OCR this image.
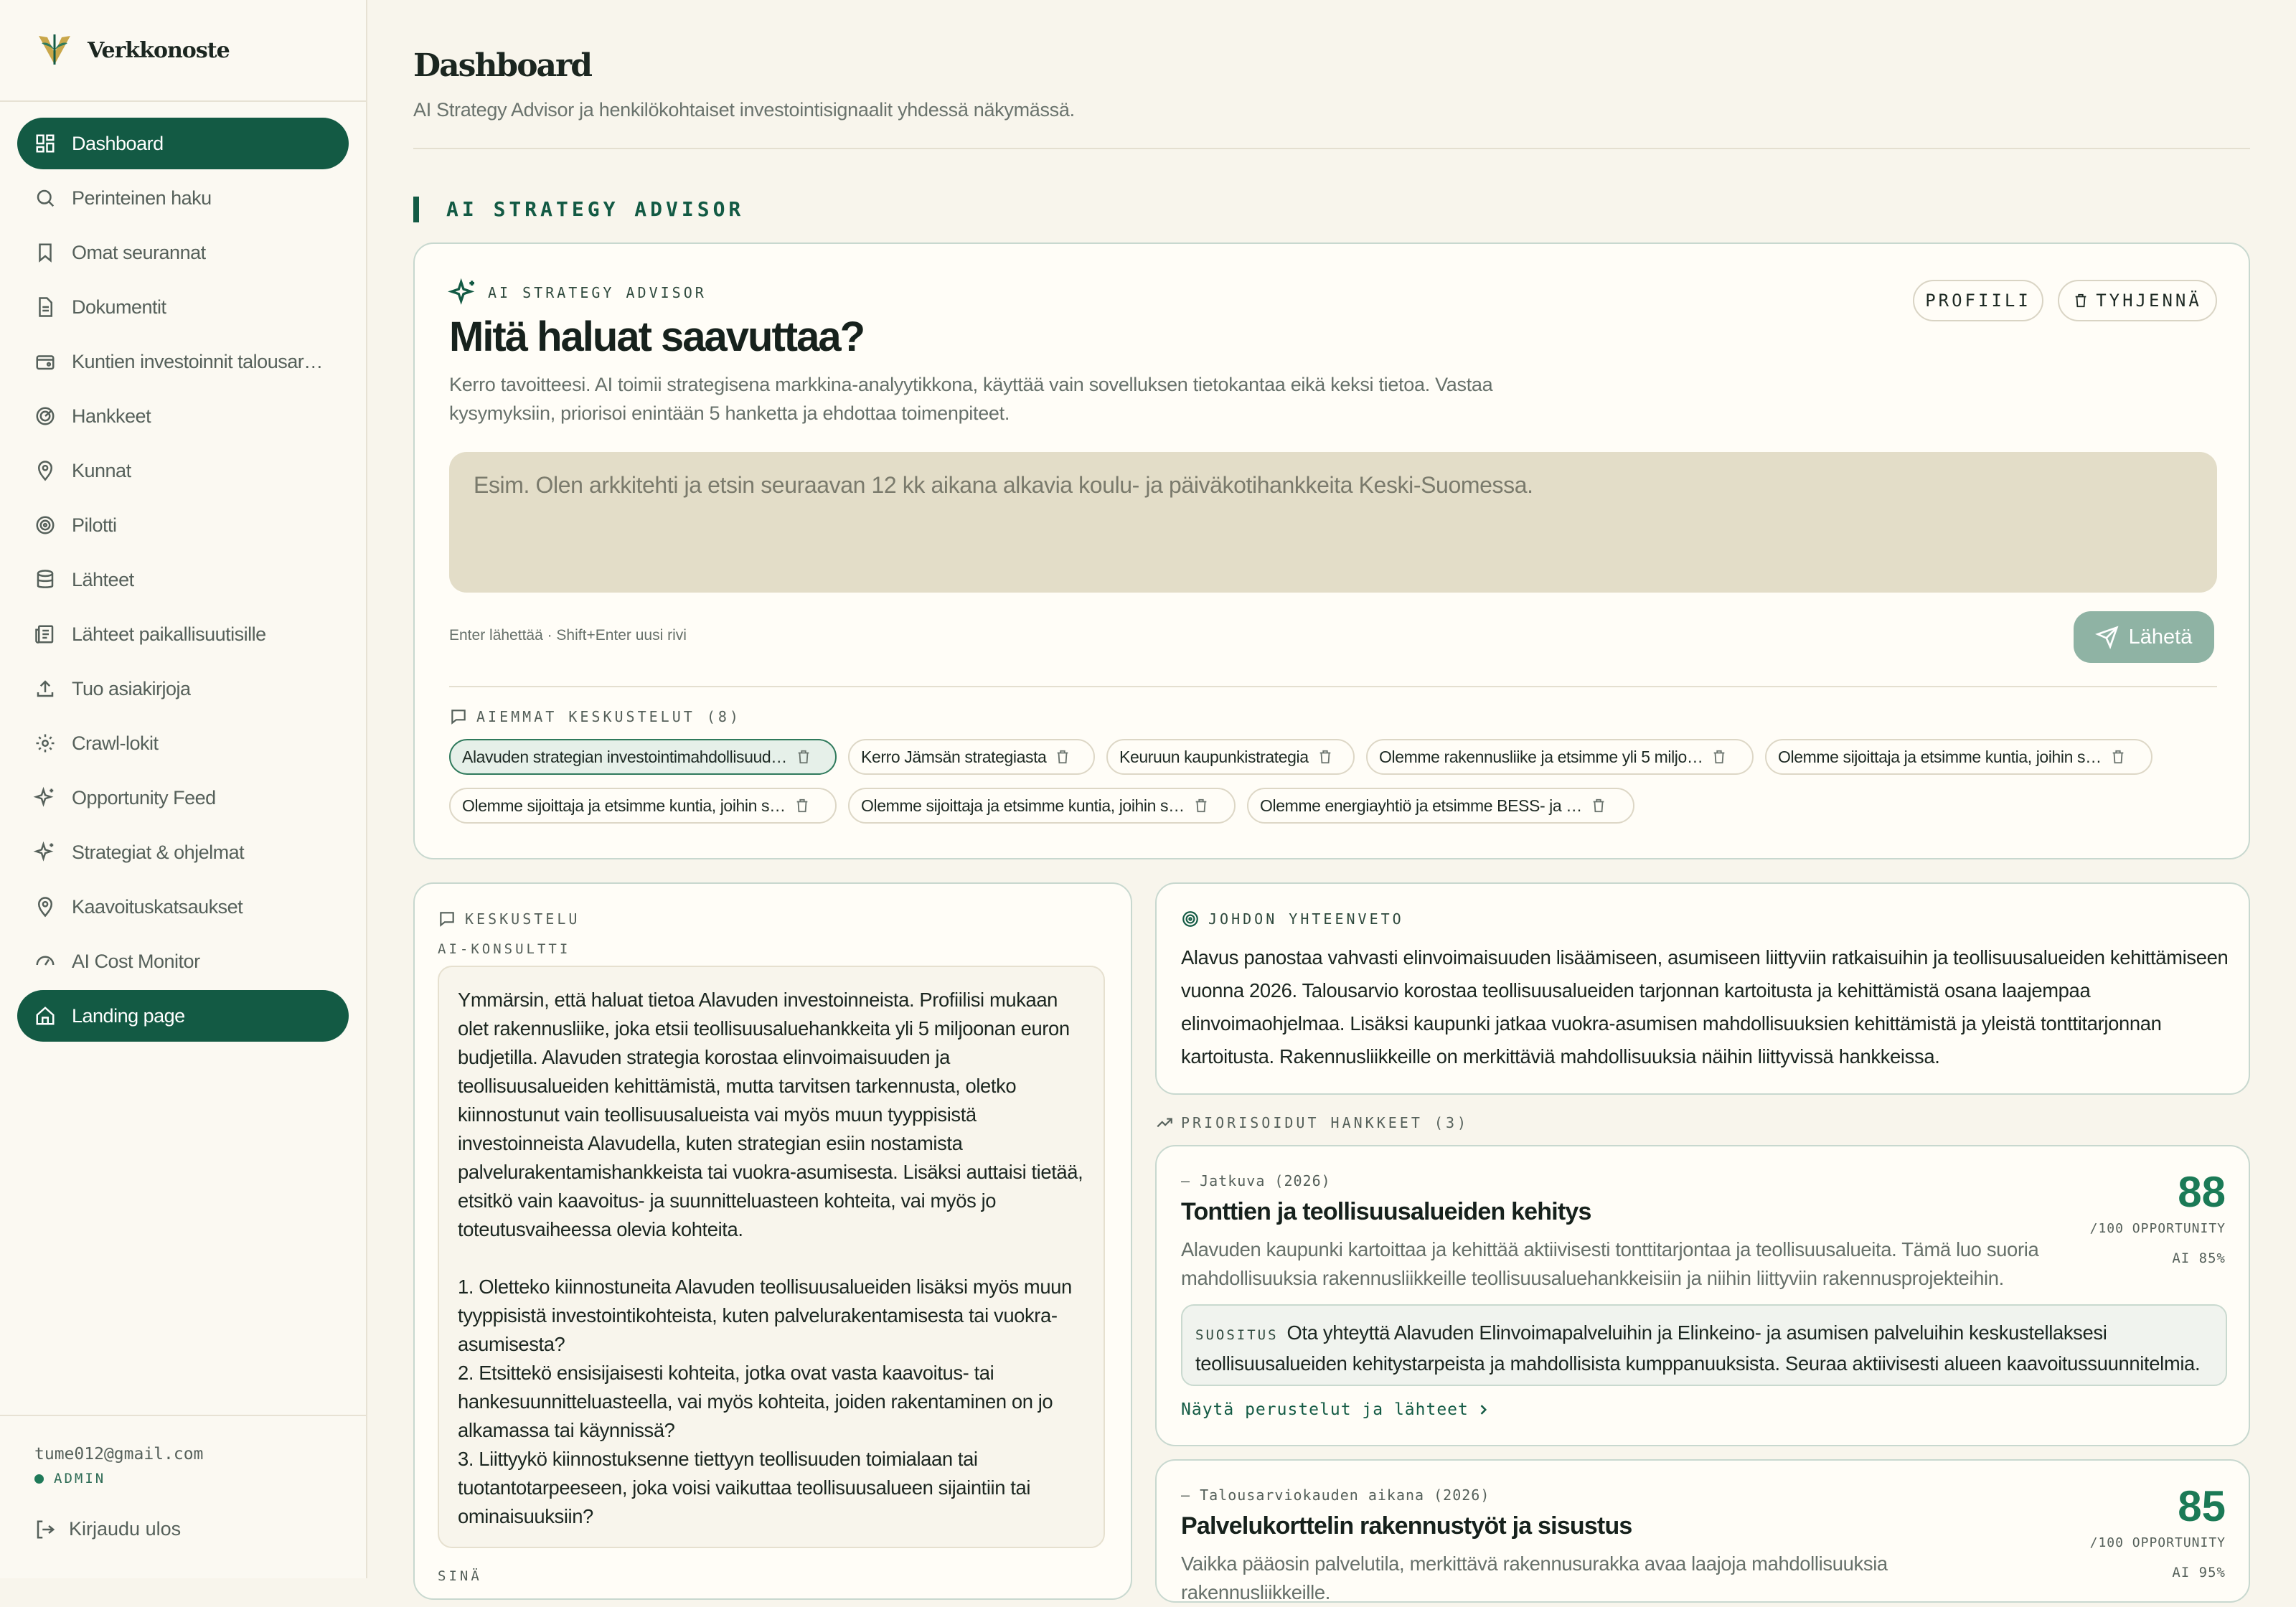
Verkkonoste
Dashboard
Perinteinen haku
Omat seurannat
Dokumentit
Kuntien investoinnit talousar…
Hankkeet
Kunnat
Pilotti
Lähteet
Lähteet paikallisuutisille
Tuo asiakirjoja
Crawl-lokit
Opportunity Feed
Strategiat & ohjelmat
Kaavoituskatsaukset
AI Cost Monitor
Landing page
tume012@gmail.com
ADMIN
Kirjaudu ulos
Dashboard
AI Strategy Advisor ja henkilökohtaiset investointisignaalit yhdessä näkymässä.
AI STRATEGY ADVISOR
AI STRATEGY ADVISOR
Mitä haluat saavuttaa?

Kerro tavoitteesi. AI toimii strategisena markkina-analyytikkona, käyttää vain sovelluksen tietokantaa eikä keksi tietoa. Vastaa kysymyksiin, priorisoi enintään 5 hanketta ja ehdottaa toimenpiteet.

PROFIILI	TYHJENNÄ
Esim. Olen arkkitehti ja etsin seuraavan 12 kk aikana alkavia koulu- ja päiväkotihankkeita Keski-Suomessa.
Enter lähettää · Shift+Enter uusi rivi	Lähetä
AIEMMAT KESKUSTELUT (8)
Alavuden strategian investointimahdollisuud…	Kerro Jämsän strategiasta	Keuruun kaupunkistrategia	Olemme rakennusliike ja etsimme yli 5 miljo…	Olemme sijoittaja ja etsimme kuntia, joihin s…
Olemme sijoittaja ja etsimme kuntia, joihin s…	Olemme sijoittaja ja etsimme kuntia, joihin s…	Olemme energiayhtiö ja etsimme BESS- ja …
KESKUSTELU
AI-KONSULTTI
Ymmärsin, että haluat tietoa Alavuden investoinneista. Profiilisi mukaan olet rakennusliike, joka etsii teollisuusaluehankkeita yli 5 miljoonan euron budjetilla. Alavuden strategia korostaa elinvoimaisuuden ja teollisuusalueiden kehittämistä, mutta tarvitsen tarkennusta, oletko kiinnostunut vain teollisuusalueista vai myös muun tyyppisistä investoinneista Alavudella, kuten strategian esiin nostamista palvelurakentamishankkeista tai vuokra-asumisesta. Lisäksi auttaisi tietää, etsitkö vain kaavoitus- ja suunnitteluasteen kohteita, vai myös jo toteutusvaiheessa olevia kohteita.

1. Oletteko kiinnostuneita Alavuden teollisuusalueiden lisäksi myös muun tyyppisistä investointikohteista, kuten palvelurakentamisesta tai vuokra-asumisesta?
2. Etsittekö ensisijaisesti kohteita, jotka ovat vasta kaavoitus- tai hankesuunnitteluasteella, vai myös kohteita, joiden rakentaminen on jo alkamassa tai käynnissä?
3. Liittyykö kiinnostuksenne tiettyyn teollisuuden toimialaan tai tuotantotarpeeseen, joka voisi vaikuttaa teollisuusalueen sijaintiin tai ominaisuuksiin?
SINÄ
JOHDON YHTEENVETO

Alavus panostaa vahvasti elinvoimaisuuden lisäämiseen, asumiseen liittyviin ratkaisuihin ja teollisuusalueiden kehittämiseen vuonna 2026. Talousarvio korostaa teollisuusalueiden tarjonnan kartoitusta ja kehittämistä osana laajempaa elinvoimaohjelmaa. Lisäksi kaupunki jatkaa vuokra-asumisen mahdollisuuksien kehittämistä ja yleistä tonttitarjonnan kartoitusta. Rakennusliikkeille on merkittäviä mahdollisuuksia näihin liittyvissä hankkeissa.

PRIORISOIDUT HANKKEET (3)
— Jatkuva (2026)
Tonttien ja teollisuusalueiden kehitys

Alavuden kaupunki kartoittaa ja kehittää aktiivisesti tonttitarjontaa ja teollisuusalueita. Tämä luo suoria mahdollisuuksia rakennusliikkeille teollisuusaluehankkeisiin ja niihin liittyviin rakennusprojekteihin.

88
/100 OPPORTUNITY
AI 85%
SUOSITUS Ota yhteyttä Alavuden Elinvoimapalveluihin ja Elinkeino- ja asumisen palveluihin keskustellaksesi teollisuusalueiden kehitystarpeista ja mahdollisista kumppanuuksista. Seuraa aktiivisesti alueen kaavoitussuunnitelmia.
Näytä perustelut ja lähteet
— Talousarviokauden aikana (2026)
Palvelukorttelin rakennustyöt ja sisustus

Vaikka pääosin palvelutila, merkittävä rakennusurakka avaa laajoja mahdollisuuksia rakennusliikkeille.

85
/100 OPPORTUNITY
AI 95%
